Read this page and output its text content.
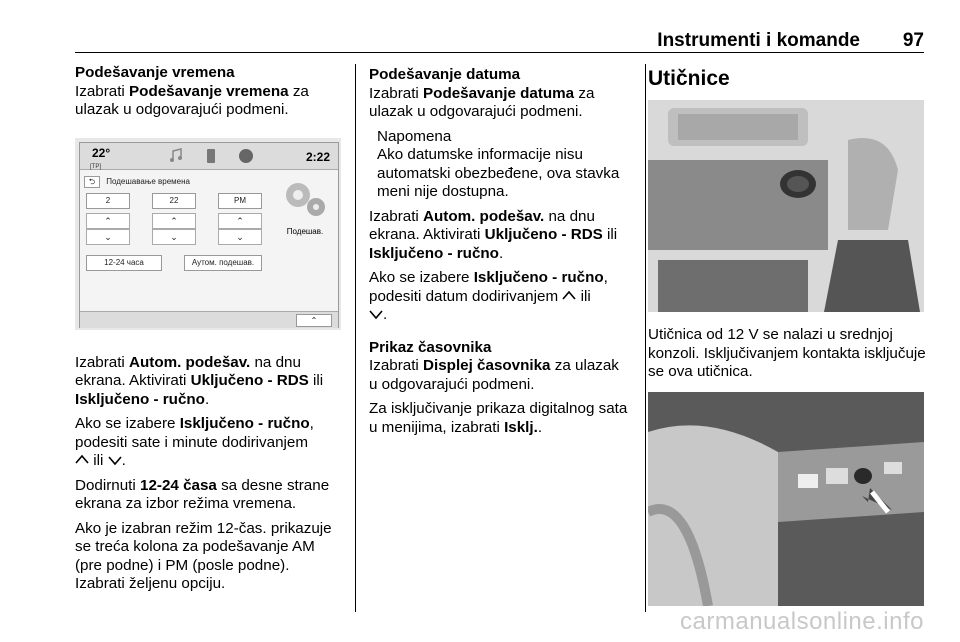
Instrumenti i komande 97
Podešavanje vremena
Izabrati Podešavanje vremena za ulazak u odgovarajući podmeni.
22°
[TP]
2:22
⮌ Подешавање времена
2	22	PM
⌃
⌄
⌃
⌄
⌃
⌄
Подешав.
12-24 часа	Аутом. подешав.
⌃
Izabrati Autom. podešav. na dnu ekrana. Aktivirati Uključeno - RDS ili Isključeno - ručno.
Ako se izabere Isključeno - ručno, podesiti sate i minute dodirivanjem
ili .
Dodirnuti 12-24 časa sa desne strane ekrana za izbor režima vremena.
Ako je izabran režim 12-čas. prikazuje se treća kolona za podešavanje AM (pre podne) i PM (posle podne). Izabrati željenu opciju.
Podešavanje datuma
Izabrati Podešavanje datuma za ulazak u odgovarajući podmeni.
Napomena
Ako datumske informacije nisu automatski obezbeđene, ova stavka meni nije dostupna.
Izabrati Autom. podešav. na dnu ekrana. Aktivirati Uključeno - RDS ili Isključeno - ručno.
Ako se izabere Isključeno - ručno, podesiti datum dodirivanjem ili
.
Prikaz časovnika
Izabrati Displej časovnika za ulazak u odgovarajući podmeni.
Za isključivanje prikaza digitalnog sata u menijima, izabrati Isklj..
Utičnice
Utičnica od 12 V se nalazi u srednjoj konzoli. Isključivanjem kontakta isključuje se ova utičnica.
carmanualsonline.info
